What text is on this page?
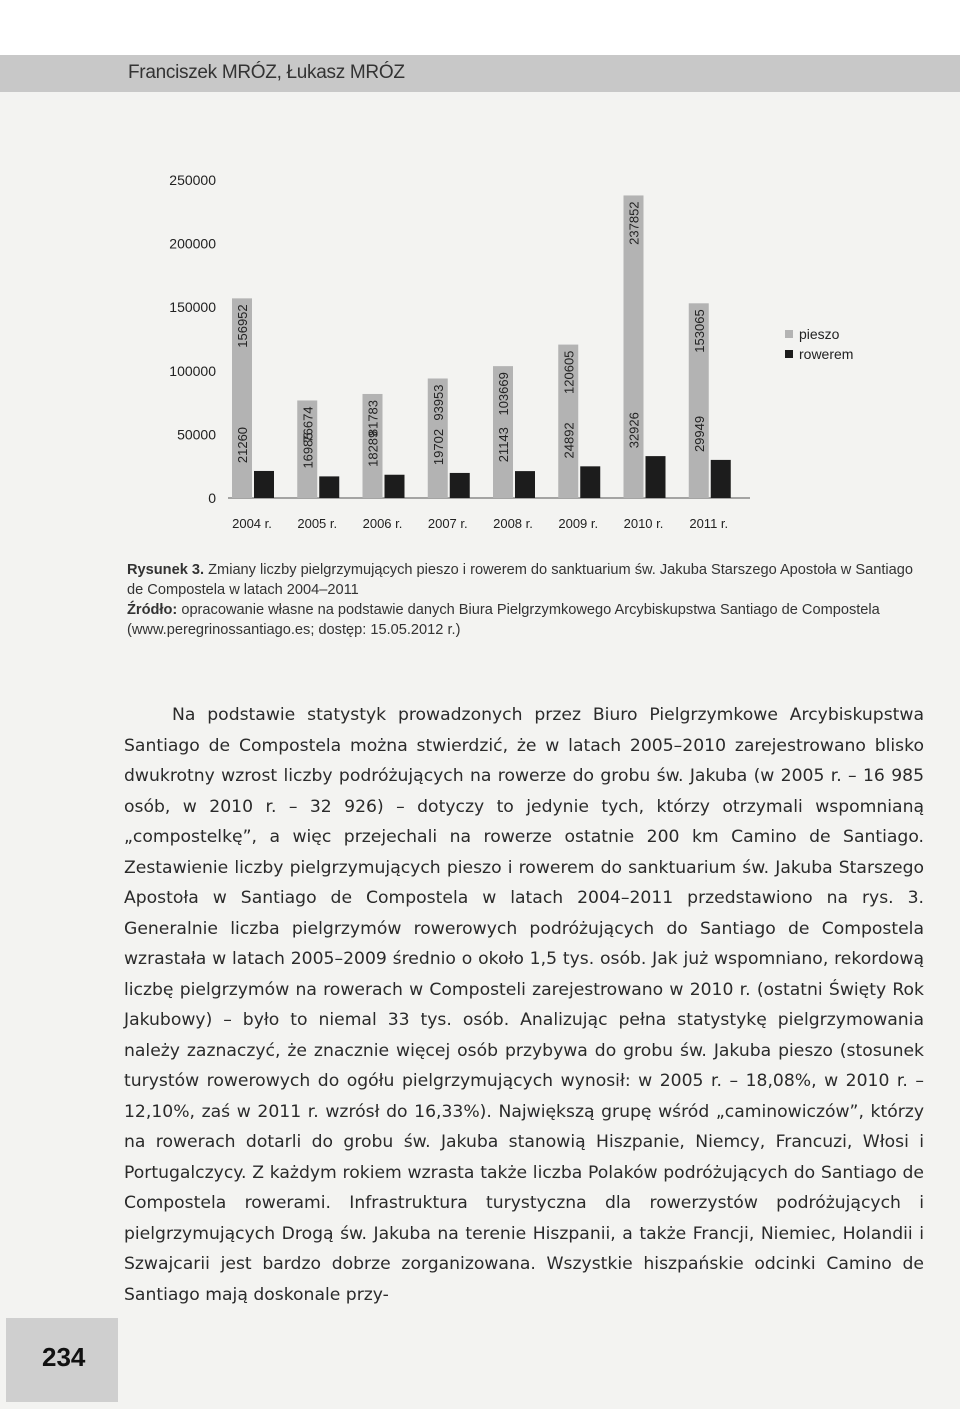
Franciszek MRÓZ, Łukasz MRÓZ
0
50000
100000
150000
200000
250000
156952
21260
2004 r.
76674
16985
2005 r.
81783
18289
2006 r.
93953
19702
2007 r.
103669
21143
2008 r.
120605
24892
2009 r.
237852
32926
2010 r.
153065
29949
2011 r.
pieszo
rowerem

Rysunek 3. Zmiany liczby pielgrzymujących pieszo i rowerem do sanktuarium św. Jakuba Starszego Apostoła w Santiago de Compostela w latach 2004–2011

Źródło: opracowanie własne na podstawie danych Biura Pielgrzymkowego Arcybiskupstwa Santiago de Compostela (www.peregrinossantiago.es; dostęp: 15.05.2012 r.)

Na podstawie statystyk prowadzonych przez Biuro Pielgrzymkowe Arcybiskupstwa Santiago de Compostela można stwierdzić, że w latach 2005–2010 zarejestrowano blisko dwukrotny wzrost liczby podróżujących na rowerze do grobu św. Jakuba (w 2005 r. – 16 985 osób, w 2010 r. – 32 926) – dotyczy to jedynie tych, którzy otrzymali wspomnianą „compostelkę”, a więc przejechali na rowerze ostatnie 200 km Camino de Santiago. Zestawienie liczby pielgrzymujących pieszo i rowerem do sanktuarium św. Jakuba Starszego Apostoła w Santiago de Compostela w latach 2004–2011 przedstawiono na rys. 3. Generalnie liczba pielgrzymów rowerowych podróżujących do Santiago de Compostela wzrastała w latach 2005–2009 średnio o około 1,5 tys. osób. Jak już wspomniano, rekordową liczbę pielgrzymów na rowerach w Composteli zarejestrowano w 2010 r. (ostatni Święty Rok Jakubowy) – było to niemal 33 tys. osób. Analizując pełna statystykę pielgrzymowania należy zaznaczyć, że znacznie więcej osób przybywa do grobu św. Jakuba pieszo (stosunek turystów rowerowych do ogółu pielgrzymujących wynosił: w 2005 r. – 18,08%, w 2010 r. – 12,10%, zaś w 2011 r. wzrósł do 16,33%). Największą grupę wśród „caminowiczów”, którzy na rowerach dotarli do grobu św. Jakuba stanowią Hiszpanie, Niemcy, Francuzi, Włosi i Portugalczycy. Z każdym rokiem wzrasta także liczba Polaków podróżujących do Santiago de Compostela rowerami. Infrastruktura turystyczna dla rowerzystów podróżujących i pielgrzymujących Drogą św. Jakuba na terenie Hiszpanii, a także Francji, Niemiec, Holandii i Szwajcarii jest bardzo dobrze zorganizowana. Wszystkie hiszpańskie odcinki Camino de Santiago mają doskonale przy-

234
